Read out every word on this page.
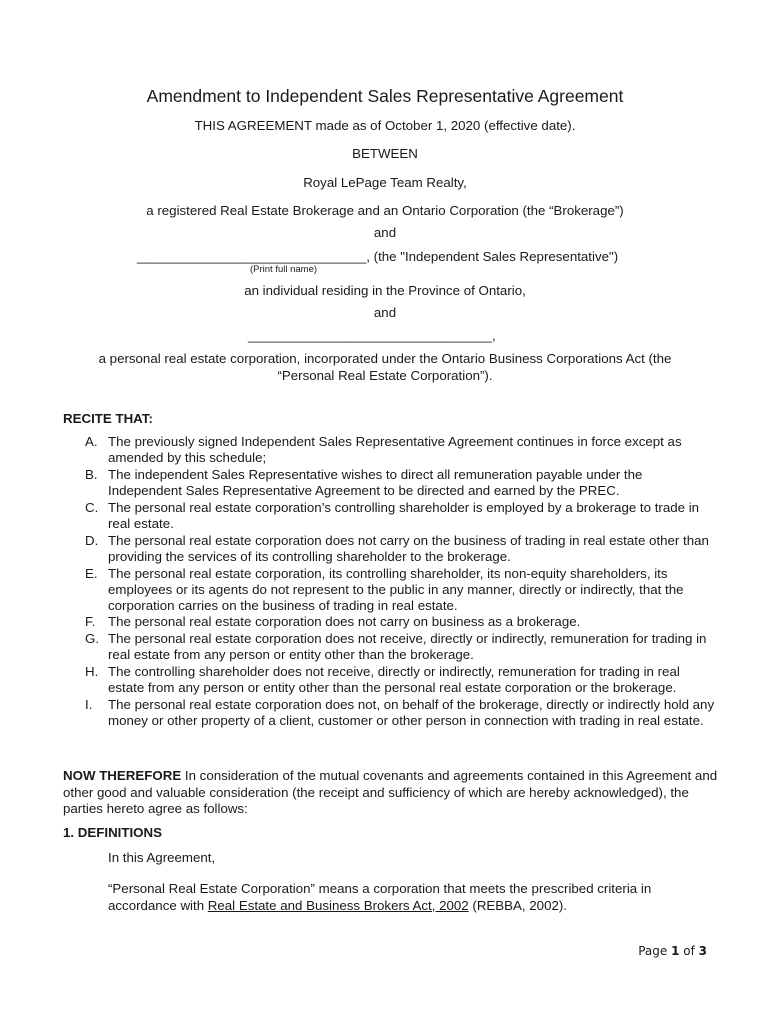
Amendment to Independent Sales Representative Agreement
THIS AGREEMENT made as of October 1, 2020 (effective date).
BETWEEN
Royal LePage Team Realty,
a registered Real Estate Brokerage and an Ontario Corporation (the “Brokerage”)
and
_______________________________, (the "Independent Sales Representative")
(Print full name)
an individual residing in the Province of Ontario,
and
_________________________________,
a personal real estate corporation, incorporated under the Ontario Business Corporations Act (the
“Personal Real Estate Corporation”).
RECITE THAT:
A. The previously signed Independent Sales Representative Agreement continues in force except as amended by this schedule;
B. The independent Sales Representative wishes to direct all remuneration payable under the Independent Sales Representative Agreement to be directed and earned by the PREC.
C. The personal real estate corporation’s controlling shareholder is employed by a brokerage to trade in real estate.
D. The personal real estate corporation does not carry on the business of trading in real estate other than providing the services of its controlling shareholder to the brokerage.
E. The personal real estate corporation, its controlling shareholder, its non-equity shareholders, its employees or its agents do not represent to the public in any manner, directly or indirectly, that the corporation carries on the business of trading in real estate.
F. The personal real estate corporation does not carry on business as a brokerage.
G. The personal real estate corporation does not receive, directly or indirectly, remuneration for trading in real estate from any person or entity other than the brokerage.
H. The controlling shareholder does not receive, directly or indirectly, remuneration for trading in real estate from any person or entity other than the personal real estate corporation or the brokerage.
I.	The personal real estate corporation does not, on behalf of the brokerage, directly or indirectly hold any money or other property of a client, customer or other person in connection with trading in real estate.
NOW THEREFORE In consideration of the mutual covenants and agreements contained in this Agreement and other good and valuable consideration (the receipt and sufficiency of which are hereby acknowledged), the parties hereto agree as follows:
1. DEFINITIONS
In this Agreement,
“Personal Real Estate Corporation” means a corporation that meets the prescribed criteria in accordance with Real Estate and Business Brokers Act, 2002 (REBBA, 2002).
Page 1 of 3
